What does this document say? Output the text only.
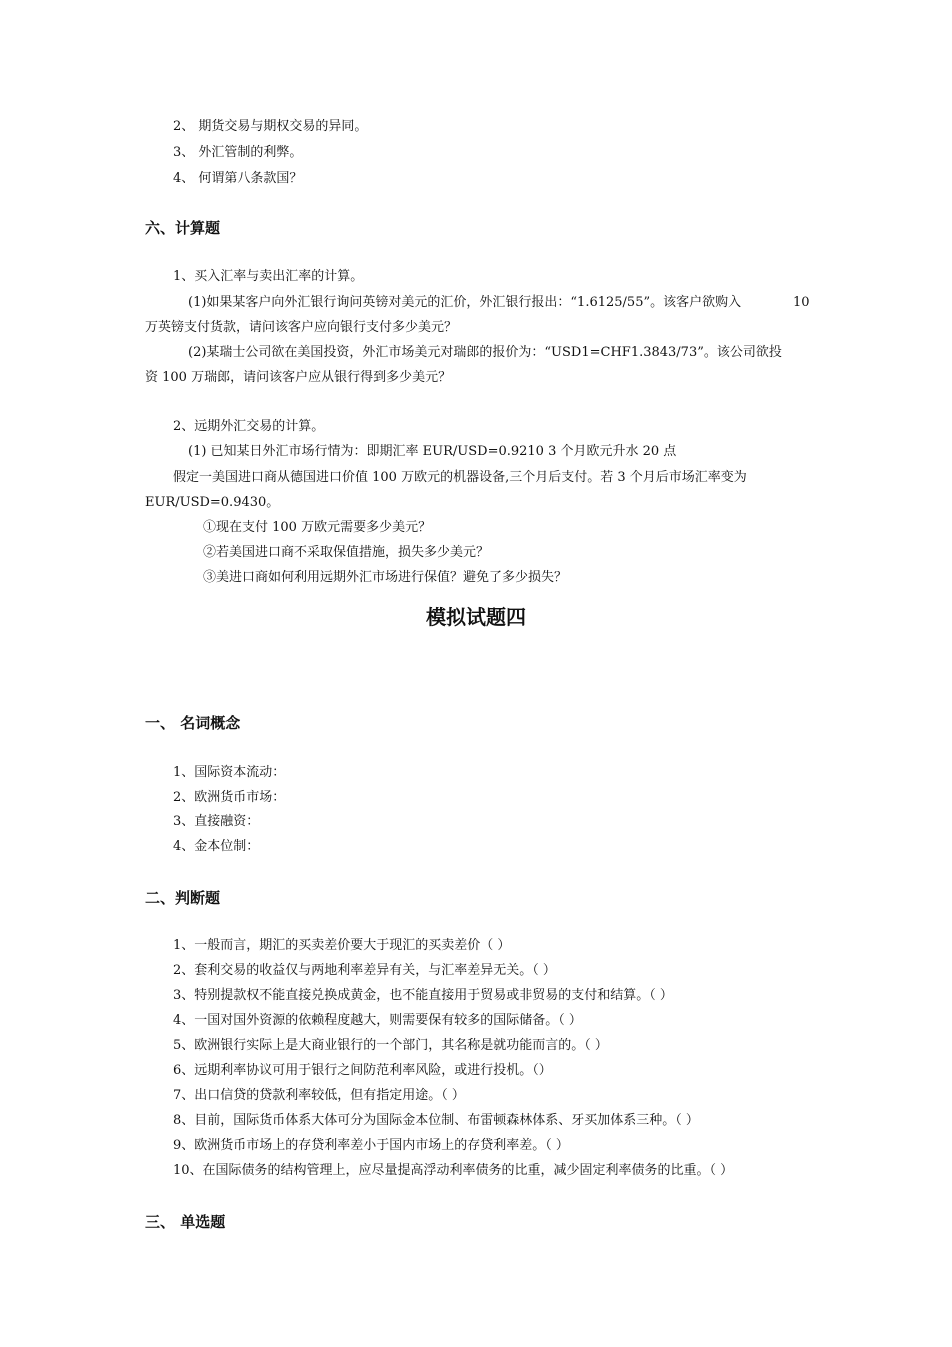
2、 期货交易与期权交易的异同。
3、 外汇管制的利弊。
4、 何谓第八条款国？
六、计算题
1、买入汇率与卖出汇率的计算。
(1)如果某客户向外汇银行询问英镑对美元的汇价，外汇银行报出：“1.6125/55”。该客户欲购入	10
万英镑支付货款，请问该客户应向银行支付多少美元？
(2)某瑞士公司欲在美国投资，外汇市场美元对瑞郎的报价为：“USD1=CHF1.3843/73”。该公司欲投
资 100 万瑞郎，请问该客户应从银行得到多少美元？
2、远期外汇交易的计算。
(1) 已知某日外汇市场行情为：即期汇率 EUR/USD=0.9210 3 个月欧元升水 20 点
假定一美国进口商从德国进口价值 100 万欧元的机器设备,三个月后支付。若 3 个月后市场汇率变为
EUR/USD=0.9430。
①现在支付 100 万欧元需要多少美元？
②若美国进口商不采取保值措施，损失多少美元？
③美进口商如何利用远期外汇市场进行保值？避免了多少损失？
模拟试题四
一、 名词概念
1、国际资本流动：
2、欧洲货币市场：
3、直接融资：
4、金本位制：
二、判断题
1、一般而言，期汇的买卖差价要大于现汇的买卖差价（ ）
2、套利交易的收益仅与两地利率差异有关，与汇率差异无关。（ ）
3、特别提款权不能直接兑换成黄金，也不能直接用于贸易或非贸易的支付和结算。（ ）
4、一国对国外资源的依赖程度越大，则需要保有较多的国际储备。（ ）
5、欧洲银行实际上是大商业银行的一个部门，其名称是就功能而言的。（ ）
6、远期利率协议可用于银行之间防范利率风险，或进行投机。（）
7、出口信贷的贷款利率较低，但有指定用途。（ ）
8、目前，国际货币体系大体可分为国际金本位制、布雷顿森林体系、牙买加体系三种。（ ）
9、欧洲货币市场上的存贷利率差小于国内市场上的存贷利率差。（ ）
10、在国际债务的结构管理上，应尽量提高浮动利率债务的比重，减少固定利率债务的比重。（ ）
三、 单选题
